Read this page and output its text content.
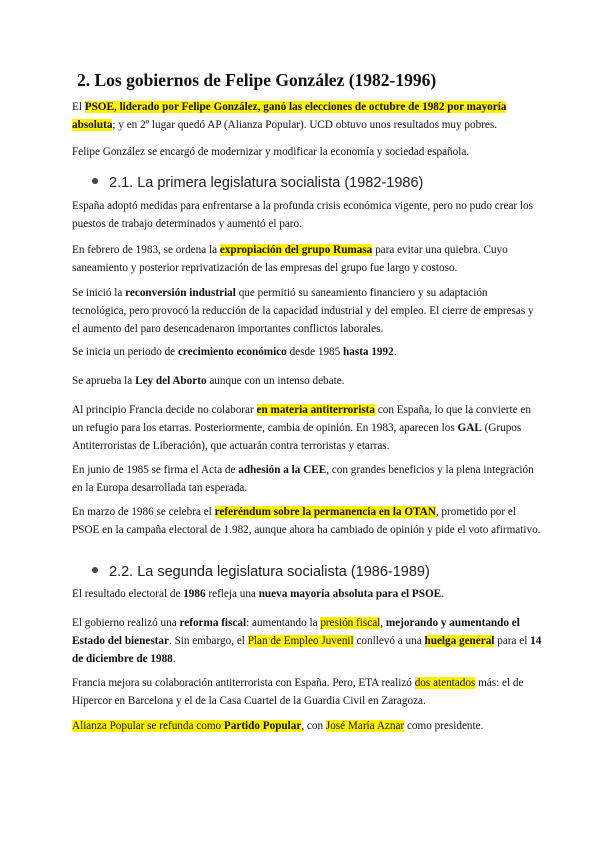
2. Los gobiernos de Felipe González (1982-1996)
El PSOE, liderado por Felipe González, ganó las elecciones de octubre de 1982 por mayoría absoluta; y en 2º lugar quedó AP (Alianza Popular). UCD obtuvo unos resultados muy pobres.
Felipe González se encargó de modernizar y modificar la economía y sociedad española.
2.1. La primera legislatura socialista (1982-1986)
España adoptó medidas para enfrentarse a la profunda crisis económica vigente, pero no pudo crear los puestos de trabajo determinados y aumentó el paro.
En febrero de 1983, se ordena la expropiación del grupo Rumasa para evitar una quiebra. Cuyo saneamiento y posterior reprivatización de las empresas del grupo fue largo y costoso.
Se inició la reconversión industrial que permitió su saneamiento financiero y su adaptación tecnológica, pero provocó la reducción de la capacidad industrial y del empleo. El cierre de empresas y el aumento del paro desencadenaron importantes conflictos laborales.
Se inicia un periodo de crecimiento económico desde 1985 hasta 1992.
Se aprueba la Ley del Aborto aunque con un intenso debate.
Al principio Francia decide no colaborar en materia antiterrorista con España, lo que la convierte en un refugio para los etarras. Posteriormente, cambia de opinión. En 1983, aparecen los GAL (Grupos Antiterroristas de Liberación), que actuarán contra terroristas y etarras.
En junio de 1985 se firma el Acta de adhesión a la CEE, con grandes beneficios y la plena integración en la Europa desarrollada tan esperada.
En marzo de 1986 se celebra el referéndum sobre la permanencia en la OTAN, prometido por el PSOE en la campaña electoral de 1.982, aunque ahora ha cambiado de opinión y pide el voto afirmativo.
2.2. La segunda legislatura socialista (1986-1989)
El resultado electoral de 1986 refleja una nueva mayoría absoluta para el PSOE.
El gobierno realizó una reforma fiscal: aumentando la presión fiscal, mejorando y aumentando el Estado del bienestar. Sin embargo, el Plan de Empleo Juvenil conllevó a una huelga general para el 14 de diciembre de 1988.
Francia mejora su colaboración antiterrorista con España. Pero, ETA realizó dos atentados más: el de Hipercor en Barcelona y el de la Casa Cuartel de la Guardia Civil en Zaragoza.
Alianza Popular se refunda como Partido Popular, con José María Aznar como presidente.
